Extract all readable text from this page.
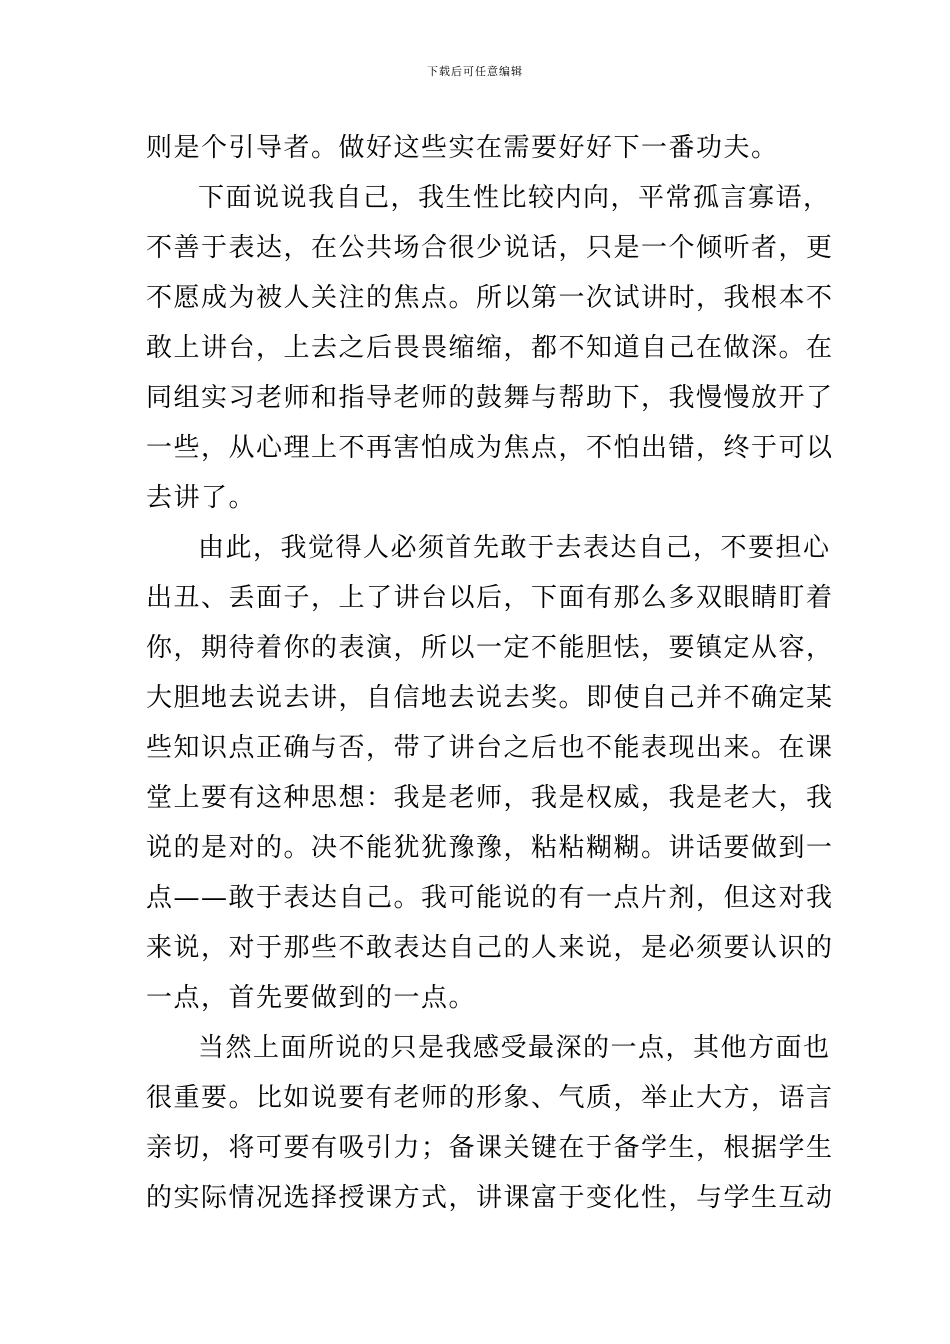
下载后可任意编辑
则是个引导者。做好这些实在需要好好下一番功夫。
下面说说我自己，我生性比较内向，平常孤言寡语，
不善于表达，在公共场合很少说话，只是一个倾听者，更
不愿成为被人关注的焦点。所以第一次试讲时，我根本不
敢上讲台，上去之后畏畏缩缩，都不知道自己在做深。在
同组实习老师和指导老师的鼓舞与帮助下，我慢慢放开了
一些，从心理上不再害怕成为焦点，不怕出错，终于可以
去讲了。
由此，我觉得人必须首先敢于去表达自己，不要担心
出丑、丢面子，上了讲台以后，下面有那么多双眼睛盯着
你，期待着你的表演，所以一定不能胆怯，要镇定从容，
大胆地去说去讲，自信地去说去奖。即使自己并不确定某
些知识点正确与否，带了讲台之后也不能表现出来。在课
堂上要有这种思想：我是老师，我是权威，我是老大，我
说的是对的。决不能犹犹豫豫，粘粘糊糊。讲话要做到一
点——敢于表达自己。我可能说的有一点片剂，但这对我
来说，对于那些不敢表达自己的人来说，是必须要认识的
一点，首先要做到的一点。
当然上面所说的只是我感受最深的一点，其他方面也
很重要。比如说要有老师的形象、气质，举止大方，语言
亲切，将可要有吸引力；备课关键在于备学生，根据学生
的实际情况选择授课方式，讲课富于变化性，与学生互动
